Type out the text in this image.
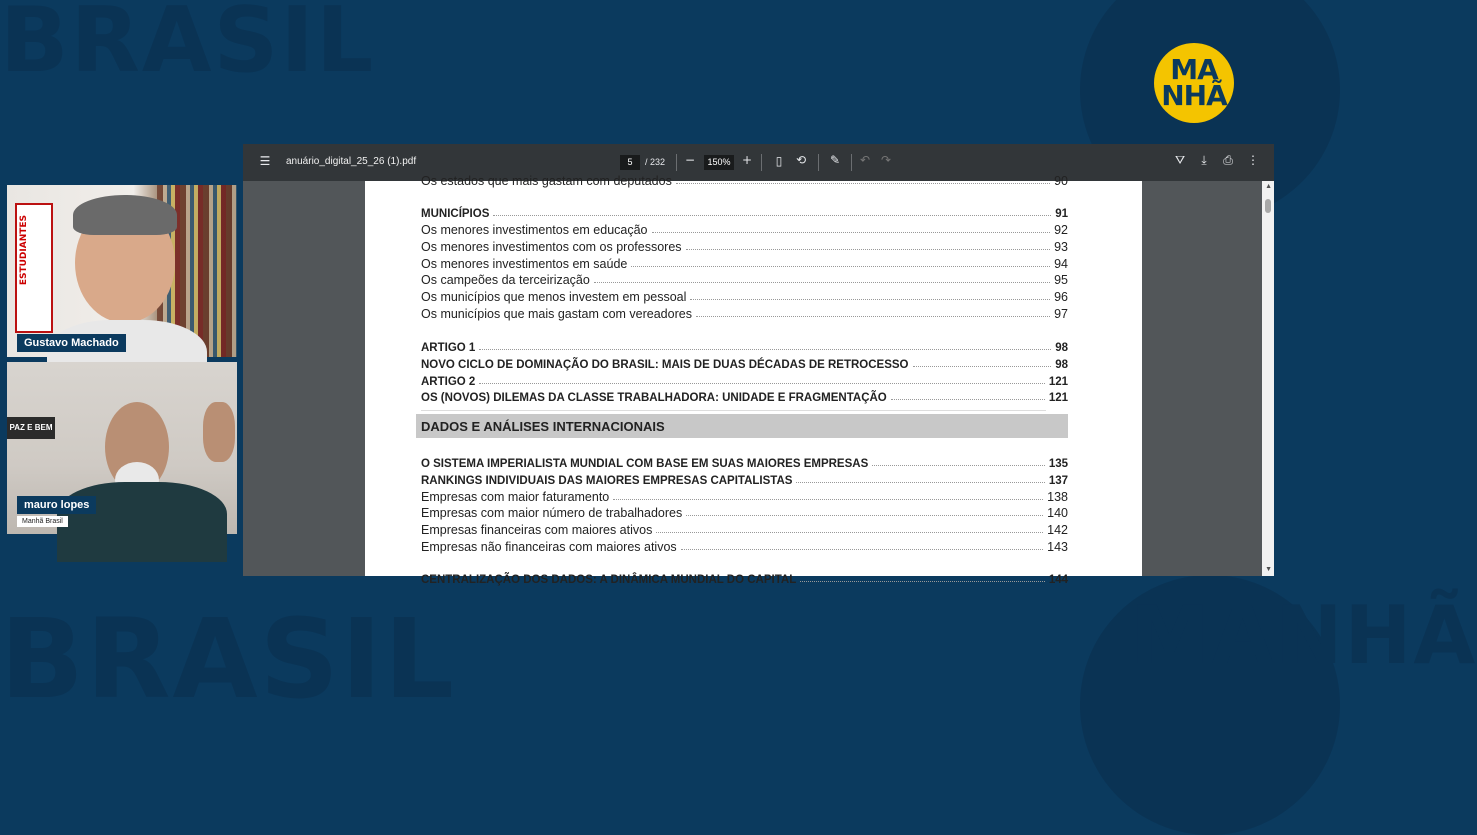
BRASIL
BRASIL	MANHÃ
MA
NHÃ
ESTUDIANTES
Gustavo Machado
PAZ E BEM
mauro lopes
Manhã Brasil
☰ anuário_digital_25_26 (1).pdf	5	/ 232 −	150% +	▯	⟲ ✎ ↶ ↷	⛛	⤓	⎙ ⋮
Os estados que mais gastam com deputados	90
MUNICÍPIOS	91
Os menores investimentos em educação	92
Os menores investimentos com os professores	93
Os menores investimentos em saúde	94
Os campeões da terceirização	95
Os municípios que menos investem em pessoal	96
Os municípios que mais gastam com vereadores	97
ARTIGO 1	98
NOVO CICLO DE DOMINAÇÃO DO BRASIL: MAIS DE DUAS DÉCADAS DE RETROCESSO	98
ARTIGO 2	121
OS (NOVOS) DILEMAS DA CLASSE TRABALHADORA: UNIDADE E FRAGMENTAÇÃO	121
DADOS E ANÁLISES INTERNACIONAIS
O SISTEMA IMPERIALISTA MUNDIAL COM BASE EM SUAS MAIORES EMPRESAS	135
RANKINGS INDIVIDUAIS DAS MAIORES EMPRESAS CAPITALISTAS	137
Empresas com maior faturamento	138
Empresas com maior número de trabalhadores	140
Empresas financeiras com maiores ativos	142
Empresas não financeiras com maiores ativos	143
CENTRALIZAÇÃO DOS DADOS: A DINÂMICA MUNDIAL DO CAPITAL	144
▲
▼
